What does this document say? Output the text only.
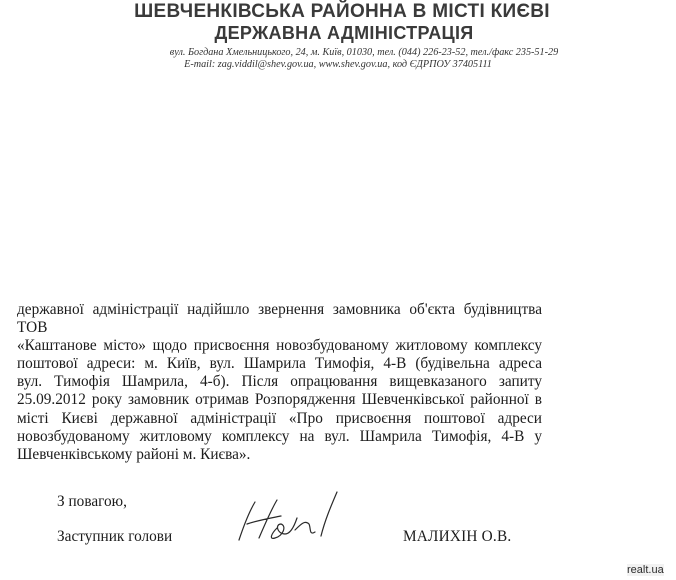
ШЕВЧЕНКІВСЬКА РАЙОННА В МІСТІ КИЄВІ
ДЕРЖАВНА АДМІНІСТРАЦІЯ
вул. Богдана Хмельницького, 24, м. Київ, 01030, тел. (044) 226-23-52, тел./факс 235-51-29
E-mail: zag.viddil@shev.gov.ua, www.shev.gov.ua, код ЄДРПОУ 37405111
державної адміністрації надійшло звернення замовника об'єкта будівництва ТОВ
«Каштанове місто» щодо присвоєння новозбудованому житловому комплексу
поштової адреси: м. Київ, вул. Шамрила Тимофія, 4-В (будівельна адреса
вул. Тимофія Шамрила, 4-б). Після опрацювання вищевказаного запиту
25.09.2012 року замовник отримав Розпорядження Шевченківської районної в
місті Києві державної адміністрації «Про присвоєння поштової адреси
новозбудованому житловому комплексу на вул. Шамрила Тимофія, 4-В у
Шевченківському районі м. Києва».
З повагою,
Заступник голови	МАЛИХІН О.В.
realt.ua
